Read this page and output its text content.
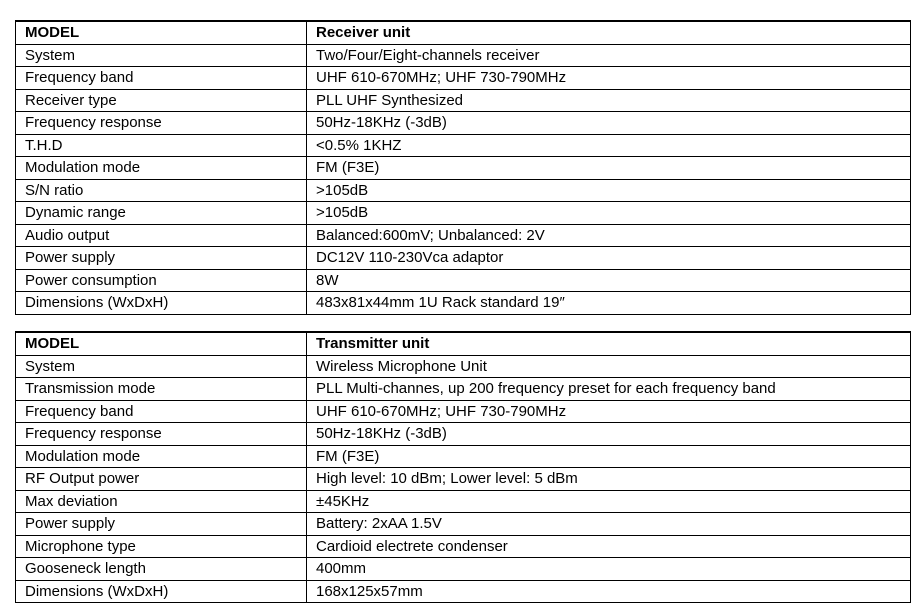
MODEL	Receiver unit
System	Two/Four/Eight-channels receiver
Frequency band	UHF 610-670MHz; UHF 730-790MHz
Receiver type	PLL UHF Synthesized
Frequency response	50Hz-18KHz (-3dB)
T.H.D	<0.5% 1KHZ
Modulation mode	FM (F3E)
S/N ratio	>105dB
Dynamic range	>105dB
Audio output	Balanced:600mV; Unbalanced: 2V
Power supply	DC12V 110-230Vca adaptor
Power consumption	8W
Dimensions (WxDxH)	483x81x44mm 1U Rack standard 19″
MODEL	Transmitter unit
System	Wireless Microphone Unit
Transmission mode	PLL Multi-channes, up 200 frequency preset for each frequency band
Frequency band	UHF 610-670MHz; UHF 730-790MHz
Frequency response	50Hz-18KHz (-3dB)
Modulation mode	FM (F3E)
RF Output power	High level: 10 dBm; Lower level: 5 dBm
Max deviation	±45KHz
Power supply	Battery: 2xAA 1.5V
Microphone type	Cardioid electrete condenser
Gooseneck length	400mm
Dimensions (WxDxH)	168x125x57mm
